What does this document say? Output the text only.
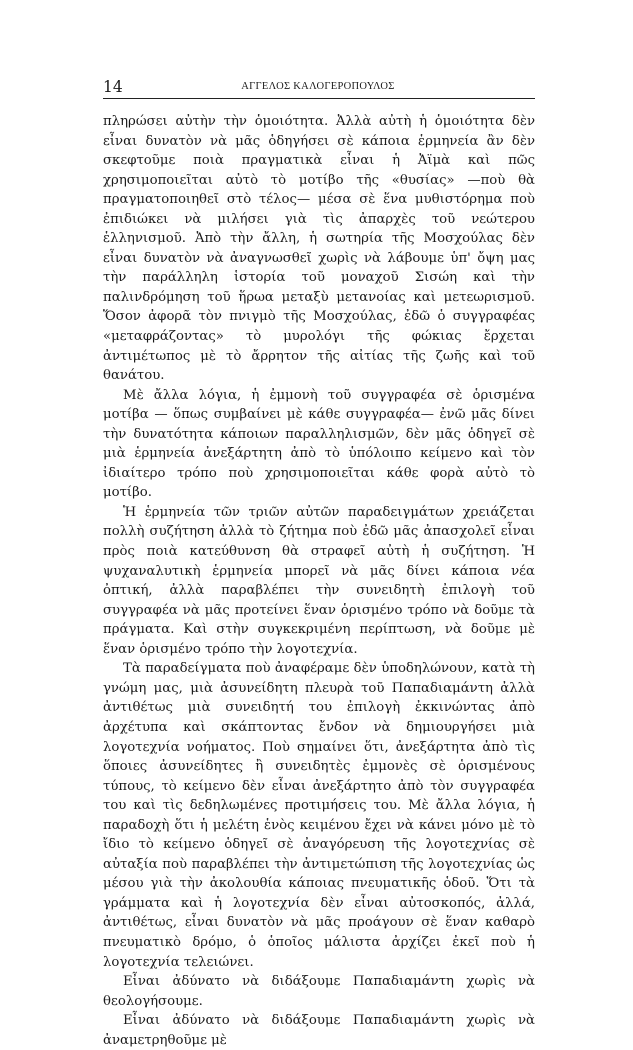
14	ΑΓΓΕΛΟΣ ΚΑΛΟΓΕΡΟΠΟΥΛΟΣ

πληρώσει αὐτὴν τὴν ὁμοιότητα. Ἀλλὰ αὐτὴ ἡ ὁμοιότητα δὲν εἶναι δυνατὸν νὰ μᾶς ὁδηγήσει σὲ κάποια ἑρμηνεία ἂν δὲν σκεφτοῦμε ποιὰ πραγματικὰ εἶναι ἡ Ἀϊμὰ καὶ πῶς χρησιμοποιεῖται αὐτὸ τὸ μοτίβο τῆς «θυσίας» —ποὺ θὰ πραγματοποιηθεῖ στὸ τέλος— μέσα σὲ ἕνα μυθιστόρημα ποὺ ἐπιδιώκει νὰ μιλήσει γιὰ τὶς ἀπαρχὲς τοῦ νεώτερου ἑλληνισμοῦ. Ἀπὸ τὴν ἄλλη, ἡ σωτηρία τῆς Μοσχούλας δὲν εἶναι δυνατὸν νὰ ἀναγνωσθεῖ χωρὶς νὰ λάβουμε ὑπ' ὄψη μας τὴν παράλληλη ἱστορία τοῦ μοναχοῦ Σισώη καὶ τὴν παλινδρόμηση τοῦ ἥρωα μεταξὺ μετανοίας καὶ μετεωρισμοῦ. Ὅσον ἀφορᾶ τὸν πνιγμὸ τῆς Μοσχούλας, ἐδῶ ὁ συγγραφέας «μεταφράζοντας» τὸ μυρολόγι τῆς φώκιας ἔρχεται ἀντιμέτωπος μὲ τὸ ἄρρητον τῆς αἰτίας τῆς ζωῆς καὶ τοῦ θανάτου.

Μὲ ἄλλα λόγια, ἡ ἐμμονὴ τοῦ συγγραφέα σὲ ὁρισμένα μοτίβα — ὅπως συμβαίνει μὲ κάθε συγγραφέα— ἐνῶ μᾶς δίνει τὴν δυνατότητα κάποιων παραλληλισμῶν, δὲν μᾶς ὁδηγεῖ σὲ μιὰ ἑρμηνεία ἀνεξάρτητη ἀπὸ τὸ ὑπόλοιπο κείμενο καὶ τὸν ἰδιαίτερο τρόπο ποὺ χρησιμοποιεῖται κάθε φορὰ αὐτὸ τὸ μοτίβο.

Ἡ ἑρμηνεία τῶν τριῶν αὐτῶν παραδειγμάτων χρειάζεται πολλὴ συζήτηση ἀλλὰ τὸ ζήτημα ποὺ ἐδῶ μᾶς ἀπασχολεῖ εἶναι πρὸς ποιὰ κατεύθυνση θὰ στραφεῖ αὐτὴ ἡ συζήτηση. Ἡ ψυχαναλυτικὴ ἑρμηνεία μπορεῖ νὰ μᾶς δίνει κάποια νέα ὀπτική, ἀλλὰ παραβλέπει τὴν συνειδητὴ ἐπιλογὴ τοῦ συγγραφέα νὰ μᾶς προτείνει ἕναν ὁρισμένο τρόπο νὰ δοῦμε τὰ πράγματα. Καὶ στὴν συγκεκριμένη περίπτωση, νὰ δοῦμε μὲ ἕναν ὁρισμένο τρόπο τὴν λογοτεχνία.

Τὰ παραδείγματα ποὺ ἀναφέραμε δὲν ὑποδηλώνουν, κατὰ τὴ γνώμη μας, μιὰ ἀσυνείδητη πλευρὰ τοῦ Παπαδιαμάντη ἀλλὰ ἀντιθέτως μιὰ συνειδητή του ἐπιλογὴ ἐκκινώντας ἀπὸ ἀρχέτυπα καὶ σκάπτοντας ἔνδον νὰ δημιουργήσει μιὰ λογοτεχνία νοήματος. Ποὺ σημαίνει ὅτι, ἀνεξάρτητα ἀπὸ τὶς ὅποιες ἀσυνείδητες ἢ συνειδητὲς ἐμμονὲς σὲ ὁρισμένους τύπους, τὸ κείμενο δὲν εἶναι ἀνεξάρτητο ἀπὸ τὸν συγγραφέα του καὶ τὶς δεδηλωμένες προτιμήσεις του. Μὲ ἄλλα λόγια, ἡ παραδοχὴ ὅτι ἡ μελέτη ἑνὸς κειμένου ἔχει νὰ κάνει μόνο μὲ τὸ ἴδιο τὸ κείμενο ὁδηγεῖ σὲ ἀναγόρευση τῆς λογοτεχνίας σὲ αὐταξία ποὺ παραβλέπει τὴν ἀντιμετώπιση τῆς λογοτεχνίας ὡς μέσου γιὰ τὴν ἀκολουθία κάποιας πνευματικῆς ὁδοῦ. Ὅτι τὰ γράμματα καὶ ἡ λογοτεχνία δὲν εἶναι αὐτοσκοπός, ἀλλά, ἀντιθέτως, εἶναι δυνατὸν νὰ μᾶς προάγουν σὲ ἕναν καθαρὸ πνευματικὸ δρόμο, ὁ ὁποῖος μάλιστα ἀρχίζει ἐκεῖ ποὺ ἡ λογοτεχνία τελειώνει.

Εἶναι ἀδύνατο νὰ διδάξουμε Παπαδιαμάντη χωρὶς νὰ θεολογήσουμε.

Εἶναι ἀδύνατο νὰ διδάξουμε Παπαδιαμάντη χωρὶς νὰ ἀναμετρηθοῦμε μὲ
